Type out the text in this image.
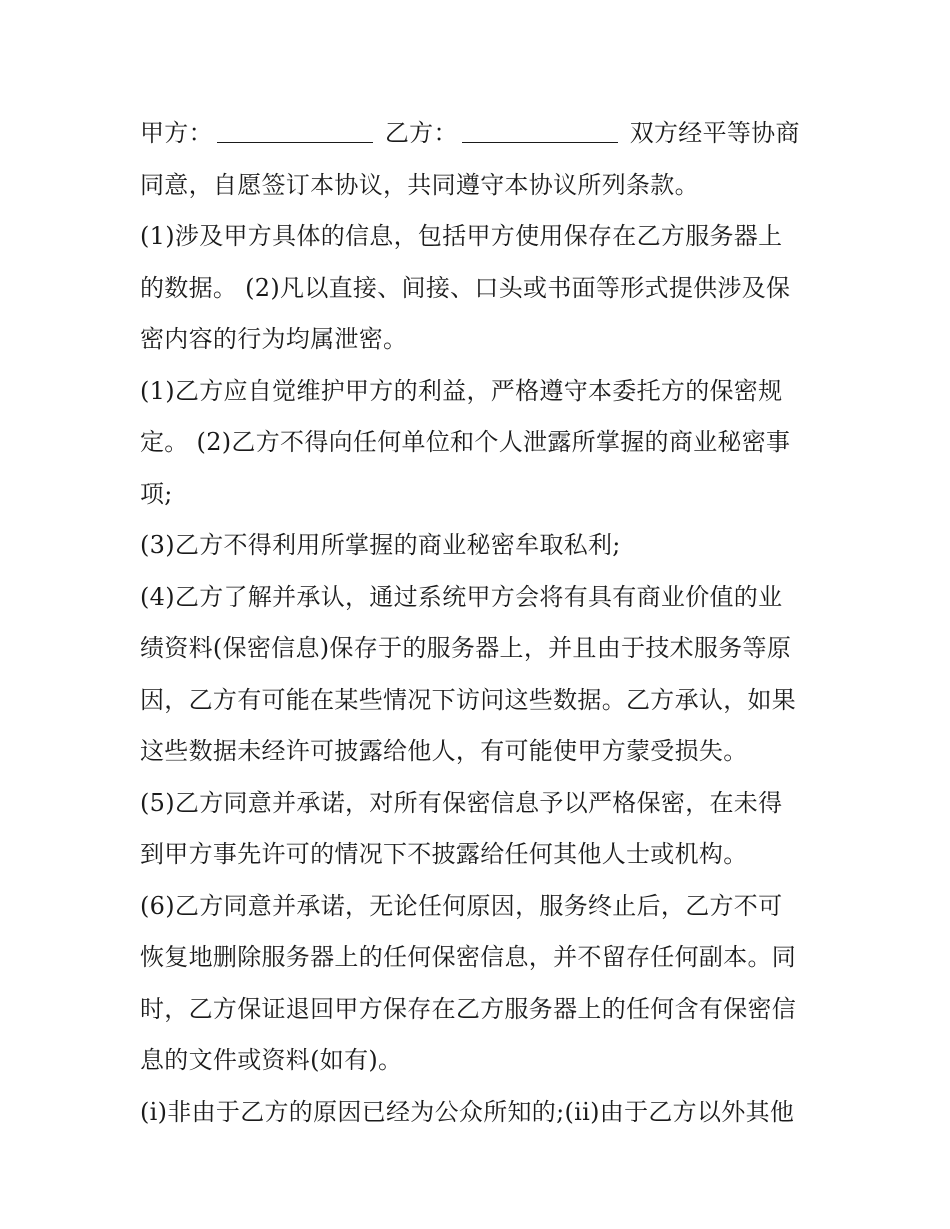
甲方：	乙方：	双方经平等协商
同意，自愿签订本协议，共同遵守本协议所列条款。
(1)涉及甲方具体的信息，包括甲方使用保存在乙方服务器上
的数据。 (2)凡以直接、间接、口头或书面等形式提供涉及保
密内容的行为均属泄密。
(1)乙方应自觉维护甲方的利益，严格遵守本委托方的保密规
定。 (2)乙方不得向任何单位和个人泄露所掌握的商业秘密事
项;
(3)乙方不得利用所掌握的商业秘密牟取私利;
(4)乙方了解并承认，通过系统甲方会将有具有商业价值的业
绩资料(保密信息)保存于的服务器上，并且由于技术服务等原
因，乙方有可能在某些情况下访问这些数据。乙方承认，如果
这些数据未经许可披露给他人，有可能使甲方蒙受损失。
(5)乙方同意并承诺，对所有保密信息予以严格保密，在未得
到甲方事先许可的情况下不披露给任何其他人士或机构。
(6)乙方同意并承诺，无论任何原因，服务终止后，乙方不可
恢复地删除服务器上的任何保密信息，并不留存任何副本。同
时，乙方保证退回甲方保存在乙方服务器上的任何含有保密信
息的文件或资料(如有)。
(i)非由于乙方的原因已经为公众所知的;(ii)由于乙方以外其他
